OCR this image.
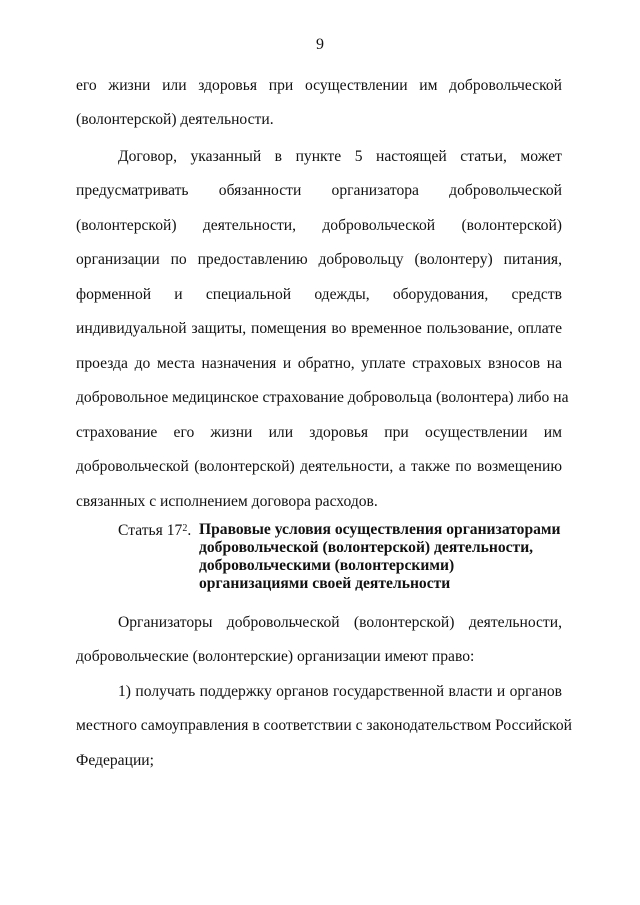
9
его жизни или здоровья при осуществлении им добровольческой
(волонтерской) деятельности.
Договор, указанный в пункте 5 настоящей статьи, может
предусматривать обязанности организатора добровольческой
(волонтерской) деятельности, добровольческой (волонтерской)
организации по предоставлению добровольцу (волонтеру) питания,
форменной и специальной одежды, оборудования, средств
индивидуальной защиты, помещения во временное пользование, оплате
проезда до места назначения и обратно, уплате страховых взносов на
добровольное медицинское страхование добровольца (волонтера) либо на
страхование его жизни или здоровья при осуществлении им
добровольческой (волонтерской) деятельности, а также по возмещению
связанных с исполнением договора расходов.
Статья $17^2$. Правовые условия осуществления организаторами
добровольческой (волонтерской) деятельности,
добровольческими (волонтерскими)
организациями своей деятельности
Организаторы добровольческой (волонтерской) деятельности,
добровольческие (волонтерские) организации имеют право:
1) получать поддержку органов государственной власти и органов
местного самоуправления в соответствии с законодательством Российской
Федерации;
